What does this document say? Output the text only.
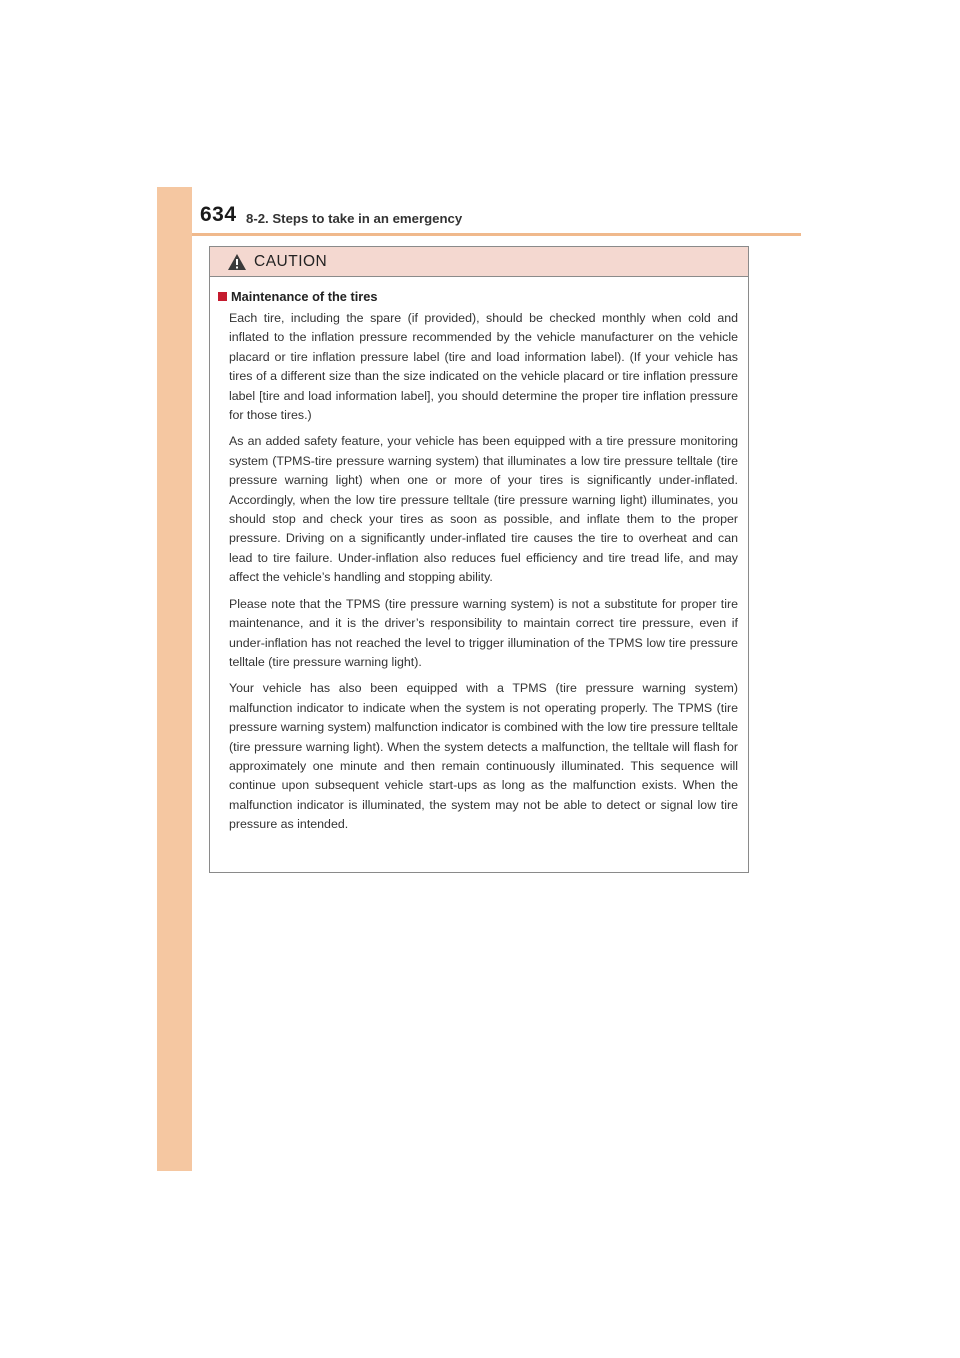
634 8-2. Steps to take in an emergency
CAUTION
Maintenance of the tires

Each tire, including the spare (if provided), should be checked monthly when cold and inflated to the inflation pressure recommended by the vehicle manufacturer on the vehicle placard or tire inflation pressure label (tire and load information label). (If your vehicle has tires of a different size than the size indicated on the vehicle placard or tire inflation pressure label [tire and load information label], you should determine the proper tire inflation pressure for those tires.)

As an added safety feature, your vehicle has been equipped with a tire pressure monitoring system (TPMS-tire pressure warning system) that illuminates a low tire pressure telltale (tire pressure warning light) when one or more of your tires is significantly under-inflated. Accordingly, when the low tire pressure telltale (tire pressure warning light) illuminates, you should stop and check your tires as soon as possible, and inflate them to the proper pressure. Driving on a significantly under-inflated tire causes the tire to overheat and can lead to tire failure. Under-inflation also reduces fuel efficiency and tire tread life, and may affect the vehicle’s handling and stopping ability.

Please note that the TPMS (tire pressure warning system) is not a substitute for proper tire maintenance, and it is the driver’s responsibility to maintain correct tire pressure, even if under-inflation has not reached the level to trigger illumination of the TPMS low tire pressure telltale (tire pressure warning light).

Your vehicle has also been equipped with a TPMS (tire pressure warning system) malfunction indicator to indicate when the system is not operating properly. The TPMS (tire pressure warning system) malfunction indicator is combined with the low tire pressure telltale (tire pressure warning light). When the system detects a malfunction, the telltale will flash for approximately one minute and then remain continuously illuminated. This sequence will continue upon subsequent vehicle start-ups as long as the malfunction exists. When the malfunction indicator is illuminated, the system may not be able to detect or signal low tire pressure as intended.
